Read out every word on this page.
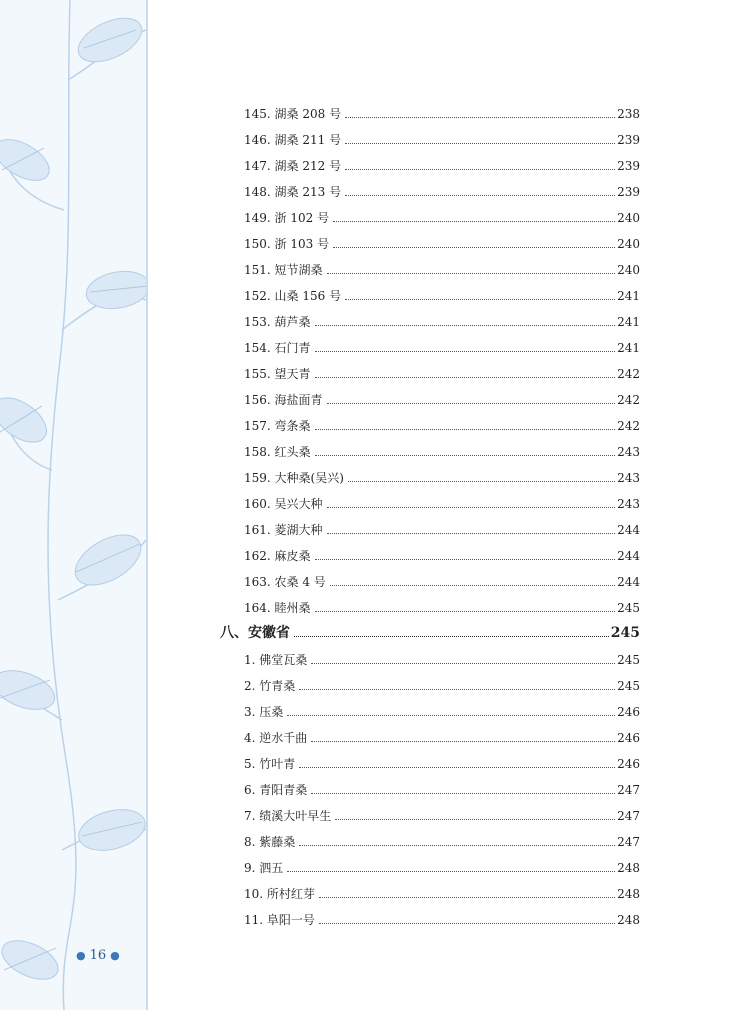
● 16 ●
145. 湖桑 208 号	238
146. 湖桑 211 号	239
147. 湖桑 212 号	239
148. 湖桑 213 号	239
149. 浙 102 号	240
150. 浙 103 号	240
151. 短节湖桑	240
152. 山桑 156 号	241
153. 葫芦桑	241
154. 石门青	241
155. 望天青	242
156. 海盐面青	242
157. 弯条桑	242
158. 红头桑	243
159. 大种桑(吴兴)	243
160. 吴兴大种	243
161. 菱湖大种	244
162. 麻皮桑	244
163. 农桑 4 号	244
164. 睦州桑	245
八、安徽省	245
1. 佛堂瓦桑	245
2. 竹青桑	245
3. 压桑	246
4. 逆水千曲	246
5. 竹叶青	246
6. 青阳青桑	247
7. 绩溪大叶早生	247
8. 紫藤桑	247
9. 泗五	248
10. 所村红芽	248
11. 阜阳一号	248
